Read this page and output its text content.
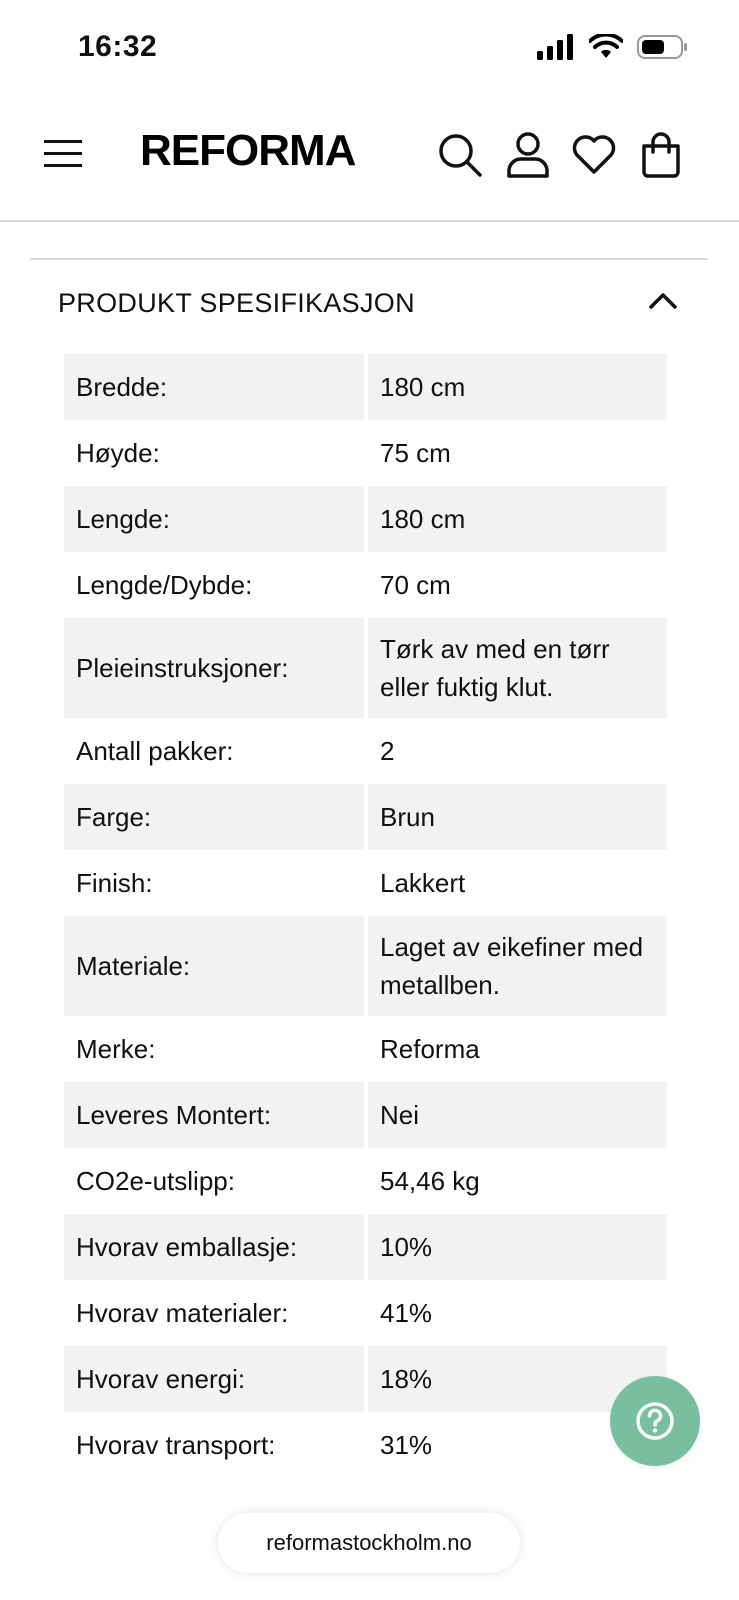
16:32
REFORMA
PRODUKT SPESIFIKASJON
Bredde:	180 cm
Høyde:	75 cm
Lengde:	180 cm
Lengde/Dybde:	70 cm
Pleieinstruksjoner:	Tørk av med en tørr eller fuktig klut.
Antall pakker:	2
Farge:	Brun
Finish:	Lakkert
Materiale:	Laget av eikefiner med metallben.
Merke:	Reforma
Leveres Montert:	Nei
CO2e-utslipp:	54,46 kg
Hvorav emballasje:	10%
Hvorav materialer:	41%
Hvorav energi:	18%
Hvorav transport:	31%
reformastockholm.no
